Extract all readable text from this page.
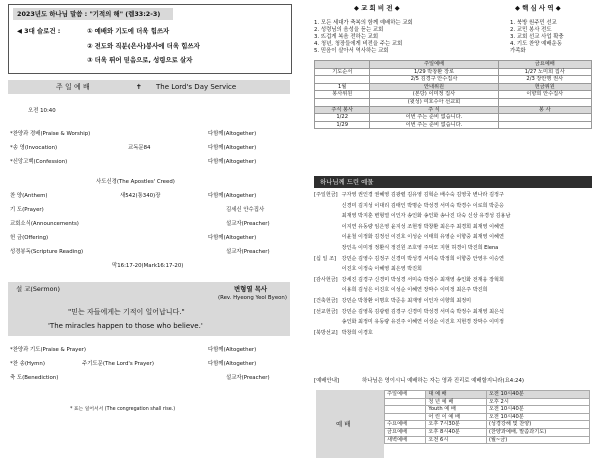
2023년도 하나님 말씀 : "기적의 해" (렘33:2-3)
◀ 3대 슬로건 :	① 예배와 기도에 더욱 힘쓰자
② 전도와 직분(은사)봉사에 더욱 힘쓰자
③ 더욱 뛰어 믿음으로, 성령으로 살자
주 일 예 배	✝ The Lord's Day Service
오전 10:40
*찬양과 경배(Praise & Worship)	다함께(Altogether)
*송 영(Invocation)	교독문84	다함께(Altogether)
*신앙고백(Confession)	다함께(Altogether)
사도신경(The Apostles' Creed)
찬 양(Anthem)	새542(통340)장	다함께(Altogether)
기 도(Prayer)	김세신 안수집사
교회소식(Announcements)	설교자(Preacher)
헌 금(Offering)	다함께(Altogether)
성경봉독(Scripture Reading)	설교자(Preacher)
막16:17-20(Mark16:17-20)
설 교(Sermon)	변형열 목사
(Rev. Hyeong Yeol Byeon)
"믿는 자들에게는 기적이 일어납니다."
'The miracles happen to those who believe.'
*찬양과 기도(Praise & Prayer)	다함께(Altogether)
*찬 송(Hymn)	주기도문(The Lord's Prayer)	다함께(Altogether)
축 도(Benediction)	설교자(Preacher)
* 표는 일어서서 (The congregation shall rise.)
◆ 교 회 비 전 ◆	◆ 핵 심 사 역 ◆
1. 모든 세대가 축복의 함께 예배하는 교회
2. 성령님의 음성을 듣는 교회
3. 뜨겁게 복음 전하는 교회
4. 청년, 청장들에게 비전을 주는 교회
5. 믿음이 살아서 역사하는 교회
1. 북방 원주민 선교
2. 교민 봉사 전도
3. 교회 선교 사업 확충
4. 기도 찬양 예배운동
가족화
	주일예배	금요예배
기도순서	1/29 박창환 장로	1/27 노미희 집사
	2/5 김경구 안수집사	2/3 장안행 권사
1월	안내위원	헌금위원
봉사위원	(본당) 이미정 집사	이향희 안수집사
	(윗성) 여호수아 선교회	
주식 봉사	주 식	봉 사
1/22	이번 주는 준비 없습니다.	
1/29	이번 주는 준비 없습니다.	
하나님께 드린 예물
[주일헌금]	구자영 권인경 권혜영 김광렬 김유영 김혁순 배수숙 김영국 변나라 김정구
	신경미 김지성 이대리 김태인 박명순 박성경 서미숙 박경수 이로희 박준응
	최재영 박지훈 변형열 이인자 송인화 송인화 송나진 다숙 신상 유경성 김용남
	이지연 유동량 임은영 윤지성 조현정 박창환 최은주 최경희 최재영 이혜연
	이윤철 이정화 김정선 이진호 이성순 이태희 유영순 이향중 최재영 이혜연
	장인옥 이미정 정환식 정진원 조호영 주덕모 지현 허경이 박진희 Elena
[십 일 조]	강민순 김영수 김정구 신경미 박성경 서미숙 박정희 이향중 안영우 이승연
	이진호 이정숙 이혜영 최은영 박진희
[감사헌금]	강세진 김경구 신경미 박성경 서미숙 박정수 최재영 송인화 전재웅 장혁희
	이용희 김성은 이진호 이성순 이혜연 장막수 이미정 최은주 박진희
[건축헌금]	강민순 박창환 이명호 박준응 최재영 이인자 이향희 최정미
[선교헌금]	강민순 김영목 김광렬 김경구 신경미 박성경 서미숙 박정수 최재영 최은석
	송인화 최정미 유동량 유진주 이혜연 이성순 이진호 지현경 장막수 이미정
[북방선교]	박창희 이경호
[예배안내]	하나님은 영이시니 예배하는 자는 영과 진리로 예배할지니라(요4:24)
예 배
주일예배	대 예 배	오전 10시40분
	청 년 예 배	오후 2시
	Youth 예 배	오전 10시40분
	어 린 이 예 배	오전 10시40분
수요예배	오후 7시30분	(성경강해 및 찬양)
금요예배	오후 8시40분	(찬양과예배, 말씀과기도)
새벽예배	오전 6시	(월~금)
